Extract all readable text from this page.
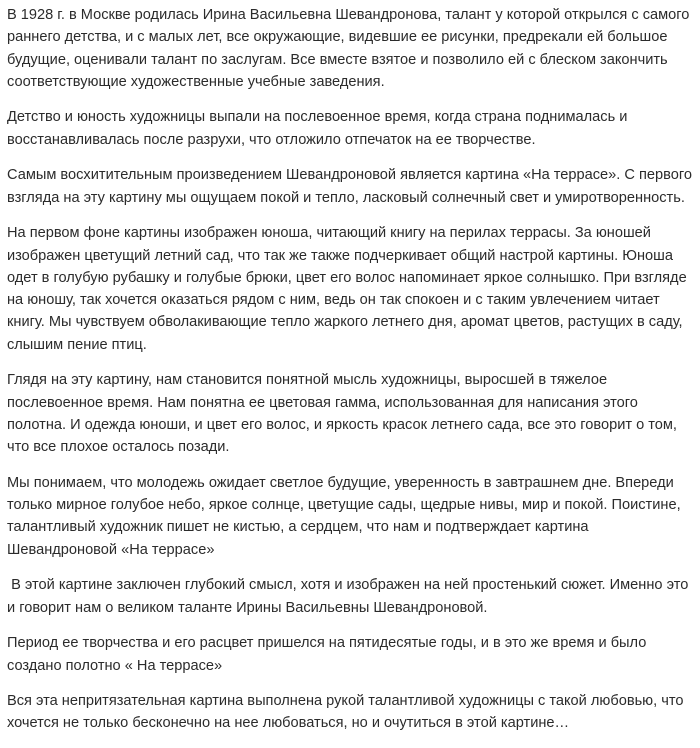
В 1928 г. в Москве родилась Ирина Васильевна Шевандронова, талант у которой открылся с самого раннего детства, и с малых лет, все окружающие, видевшие ее рисунки, предрекали ей большое будущие, оценивали талант по заслугам. Все вместе взятое и позволило ей с блеском закончить соответствующие художественные учебные заведения.

Детство и юность художницы выпали на послевоенное время, когда страна поднималась и восстанавливалась после разрухи, что отложило отпечаток на ее творчестве.

Самым восхитительным произведением Шевандроновой является картина «На террасе». С первого взгляда на эту картину мы ощущаем покой и тепло, ласковый солнечный свет и умиротворенность.

На первом фоне картины изображен юноша, читающий книгу на перилах террасы. За юношей изображен цветущий летний сад, что так же также подчеркивает общий настрой картины. Юноша одет в голубую рубашку и голубые брюки, цвет его волос напоминает яркое солнышко. При взгляде на юношу, так хочется оказаться рядом с ним, ведь он так спокоен и с таким увлечением читает книгу. Мы чувствуем обволакивающие тепло жаркого летнего дня, аромат цветов, растущих в саду, слышим пение птиц.

Глядя на эту картину, нам становится понятной мысль художницы, выросшей в тяжелое послевоенное время. Нам понятна ее цветовая гамма, использованная для написания этого полотна. И одежда юноши, и цвет его волос, и яркость красок летнего сада, все это говорит о том, что все плохое осталось позади.

Мы понимаем, что молодежь ожидает светлое будущие, уверенность в завтрашнем дне. Впереди только мирное голубое небо, яркое солнце, цветущие сады, щедрые нивы, мир и покой. Поистине, талантливый художник пишет не кистью, а сердцем, что нам и подтверждает картина Шевандроновой «На террасе»

В этой картине заключен глубокий смысл, хотя и изображен на ней простенький сюжет. Именно это и говорит нам о великом таланте Ирины Васильевны Шевандроновой.

Период ее творчества и его расцвет пришелся на пятидесятые годы, и в это же время и было создано полотно « На террасе»

Вся эта непритязательная картина выполнена рукой талантливой художницы с такой любовью, что хочется не только бесконечно на нее любоваться, но и очутиться в этой картине…
